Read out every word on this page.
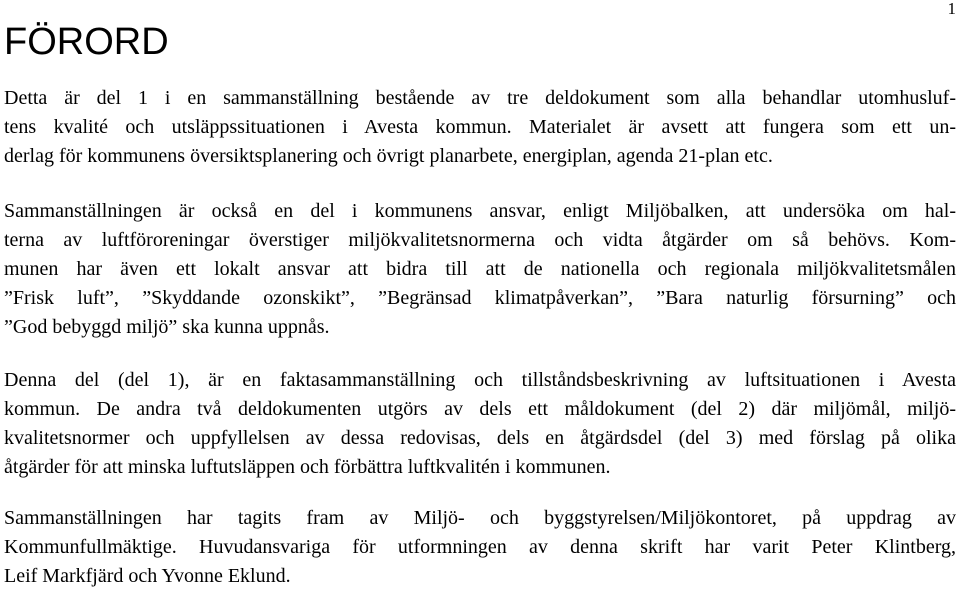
1
FÖRORD
Detta är del 1 i en sammanställning bestående av tre deldokument som alla behandlar utomhusluf-
tens kvalité och utsläppssituationen i Avesta kommun. Materialet är avsett att fungera som ett un-
derlag för kommunens översiktsplanering och övrigt planarbete, energiplan, agenda 21-plan etc.
Sammanställningen är också en del i kommunens ansvar, enligt Miljöbalken, att undersöka om hal-
terna av luftföroreningar överstiger miljökvalitetsnormerna och vidta åtgärder om så behövs. Kom-
munen har även ett lokalt ansvar att bidra till att de nationella och regionala miljökvalitetsmålen
”Frisk luft”, ”Skyddande ozonskikt”, ”Begränsad klimatpåverkan”, ”Bara naturlig försurning” och
”God bebyggd miljö” ska kunna uppnås.
Denna del (del 1), är en faktasammanställning och tillståndsbeskrivning av luftsituationen i Avesta
kommun. De andra två deldokumenten utgörs av dels ett måldokument (del 2) där miljömål, miljö-
kvalitetsnormer och uppfyllelsen av dessa redovisas, dels en åtgärdsdel (del 3) med förslag på olika
åtgärder för att minska luftutsläppen och förbättra luftkvalitén i kommunen.
Sammanställningen har tagits fram av Miljö- och byggstyrelsen/Miljökontoret, på uppdrag av
Kommunfullmäktige. Huvudansvariga för utformningen av denna skrift har varit Peter Klintberg,
Leif Markfjärd och Yvonne Eklund.
